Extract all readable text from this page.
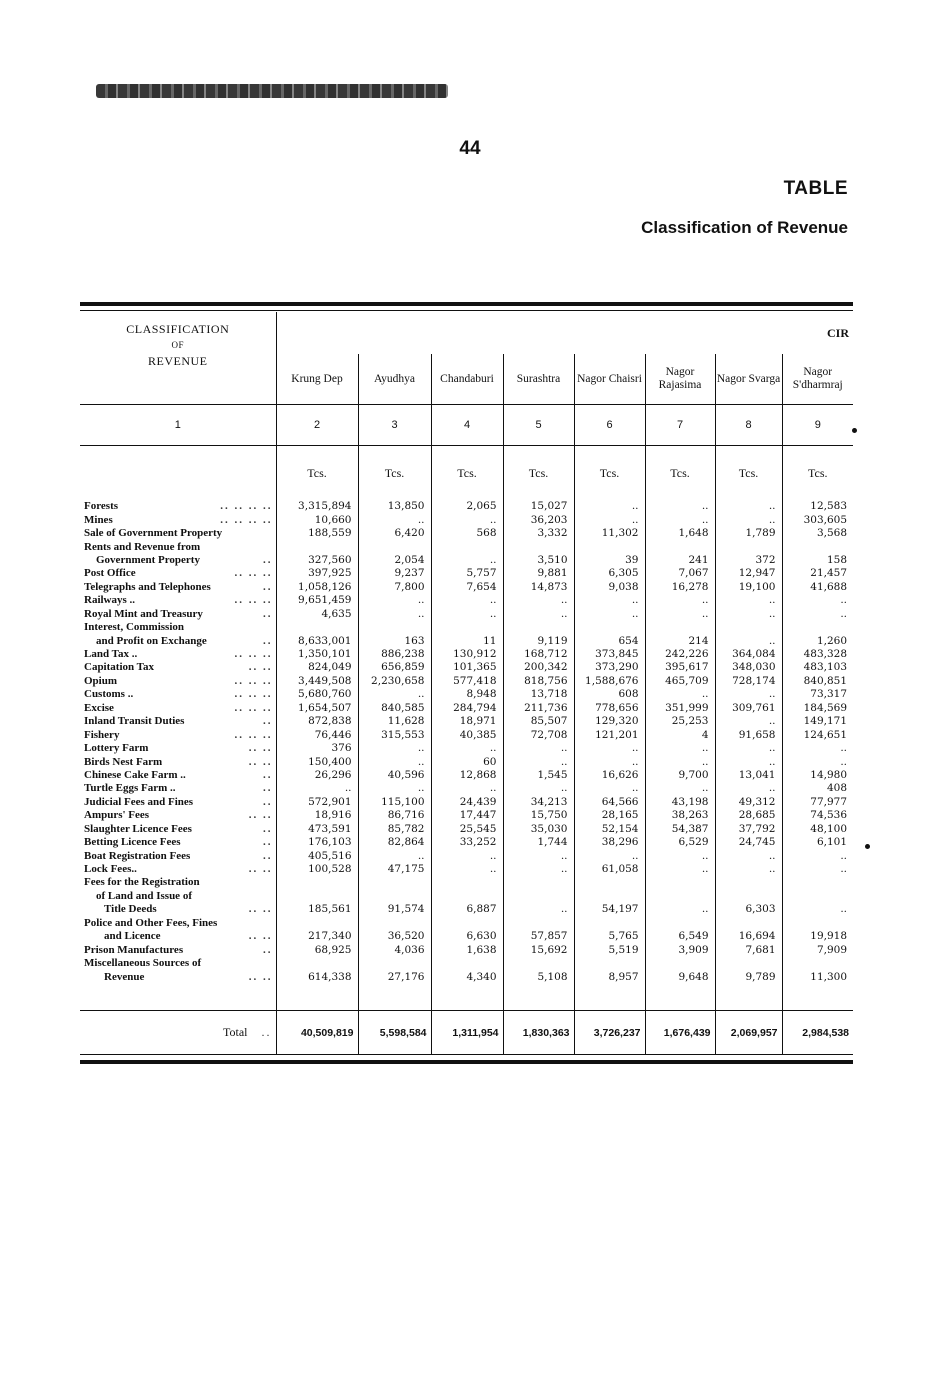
44
TABLE
Classification of Revenue
CLASSIFICATION
OF
REVENUE	CIR							
	Krung Dep	Ayudhya	Chandaburi	Surashtra	Nagor Chaisri	Nagor Rajasima	Nagor Svarga	Nagor S'dharmraj
1	2	3	4	5	6	7	8	9
	Tcs.	Tcs.	Tcs.	Tcs.	Tcs.	Tcs.	Tcs.	Tcs.
Forests .. .. .. ..	3,315,894	13,850	2,065	15,027	..	..	..	12,583
Mines .. .. .. ..	10,660	..	..	36,203	..	..	..	303,605
Sale of Government Property	188,559	6,420	568	3,332	11,302	1,648	1,789	3,568
Rents and Revenue from								
Government Property ..	327,560	2,054	..	3,510	39	241	372	158
Post Office .. .. ..	397,925	9,237	5,757	9,881	6,305	7,067	12,947	21,457
Telegraphs and Telephones ..	1,058,126	7,800	7,654	14,873	9,038	16,278	19,100	41,688
Railways .. .. .. ..	9,651,459	..	..	..	..	..	..	..
Royal Mint and Treasury ..	4,635	..	..	..	..	..	..	..
Interest, Commission								
and Profit on Exchange ..	8,633,001	163	11	9,119	654	214	..	1,260
Land Tax .. .. .. ..	1,350,101	886,238	130,912	168,712	373,845	242,226	364,084	483,328
Capitation Tax .. ..	824,049	656,859	101,365	200,342	373,290	395,617	348,030	483,103
Opium .. .. ..	3,449,508	2,230,658	577,418	818,756	1,588,676	465,709	728,174	840,851
Customs .. .. .. ..	5,680,760	..	8,948	13,718	608	..	..	73,317
Excise .. .. ..	1,654,507	840,585	284,794	211,736	778,656	351,999	309,761	184,569
Inland Transit Duties ..	872,838	11,628	18,971	85,507	129,320	25,253	..	149,171
Fishery .. .. ..	76,446	315,553	40,385	72,708	121,201	4	91,658	124,651
Lottery Farm .. ..	376	..	..	..	..	..	..	..
Birds Nest Farm .. ..	150,400	..	60	..	..	..	..	..
Chinese Cake Farm .. ..	26,296	40,596	12,868	1,545	16,626	9,700	13,041	14,980
Turtle Eggs Farm .. ..	..	..	..	..	..	..	..	408
Judicial Fees and Fines ..	572,901	115,100	24,439	34,213	64,566	43,198	49,312	77,977
Ampurs' Fees .. ..	18,916	86,716	17,447	15,750	28,165	38,263	28,685	74,536
Slaughter Licence Fees ..	473,591	85,782	25,545	35,030	52,154	54,387	37,792	48,100
Betting Licence Fees ..	176,103	82,864	33,252	1,744	38,296	6,529	24,745	6,101
Boat Registration Fees ..	405,516	..	..	..	..	..	..	..
Lock Fees.. .. ..	100,528	47,175	..	..	61,058	..	..	..
Fees for the Registration								
of Land and Issue of								
Title Deeds .. ..	185,561	91,574	6,887	..	54,197	..	6,303	..
Police and Other Fees, Fines								
and Licence .. ..	217,340	36,520	6,630	57,857	5,765	6,549	16,694	19,918
Prison Manufactures ..	68,925	4,036	1,638	15,692	5,519	3,909	7,681	7,909
Miscellaneous Sources of								
Revenue .. ..	614,338	27,176	4,340	5,108	8,957	9,648	9,789	11,300

Total ..	40,509,819	5,598,584	1,311,954	1,830,363	3,726,237	1,676,439	2,069,957	2,984,538
